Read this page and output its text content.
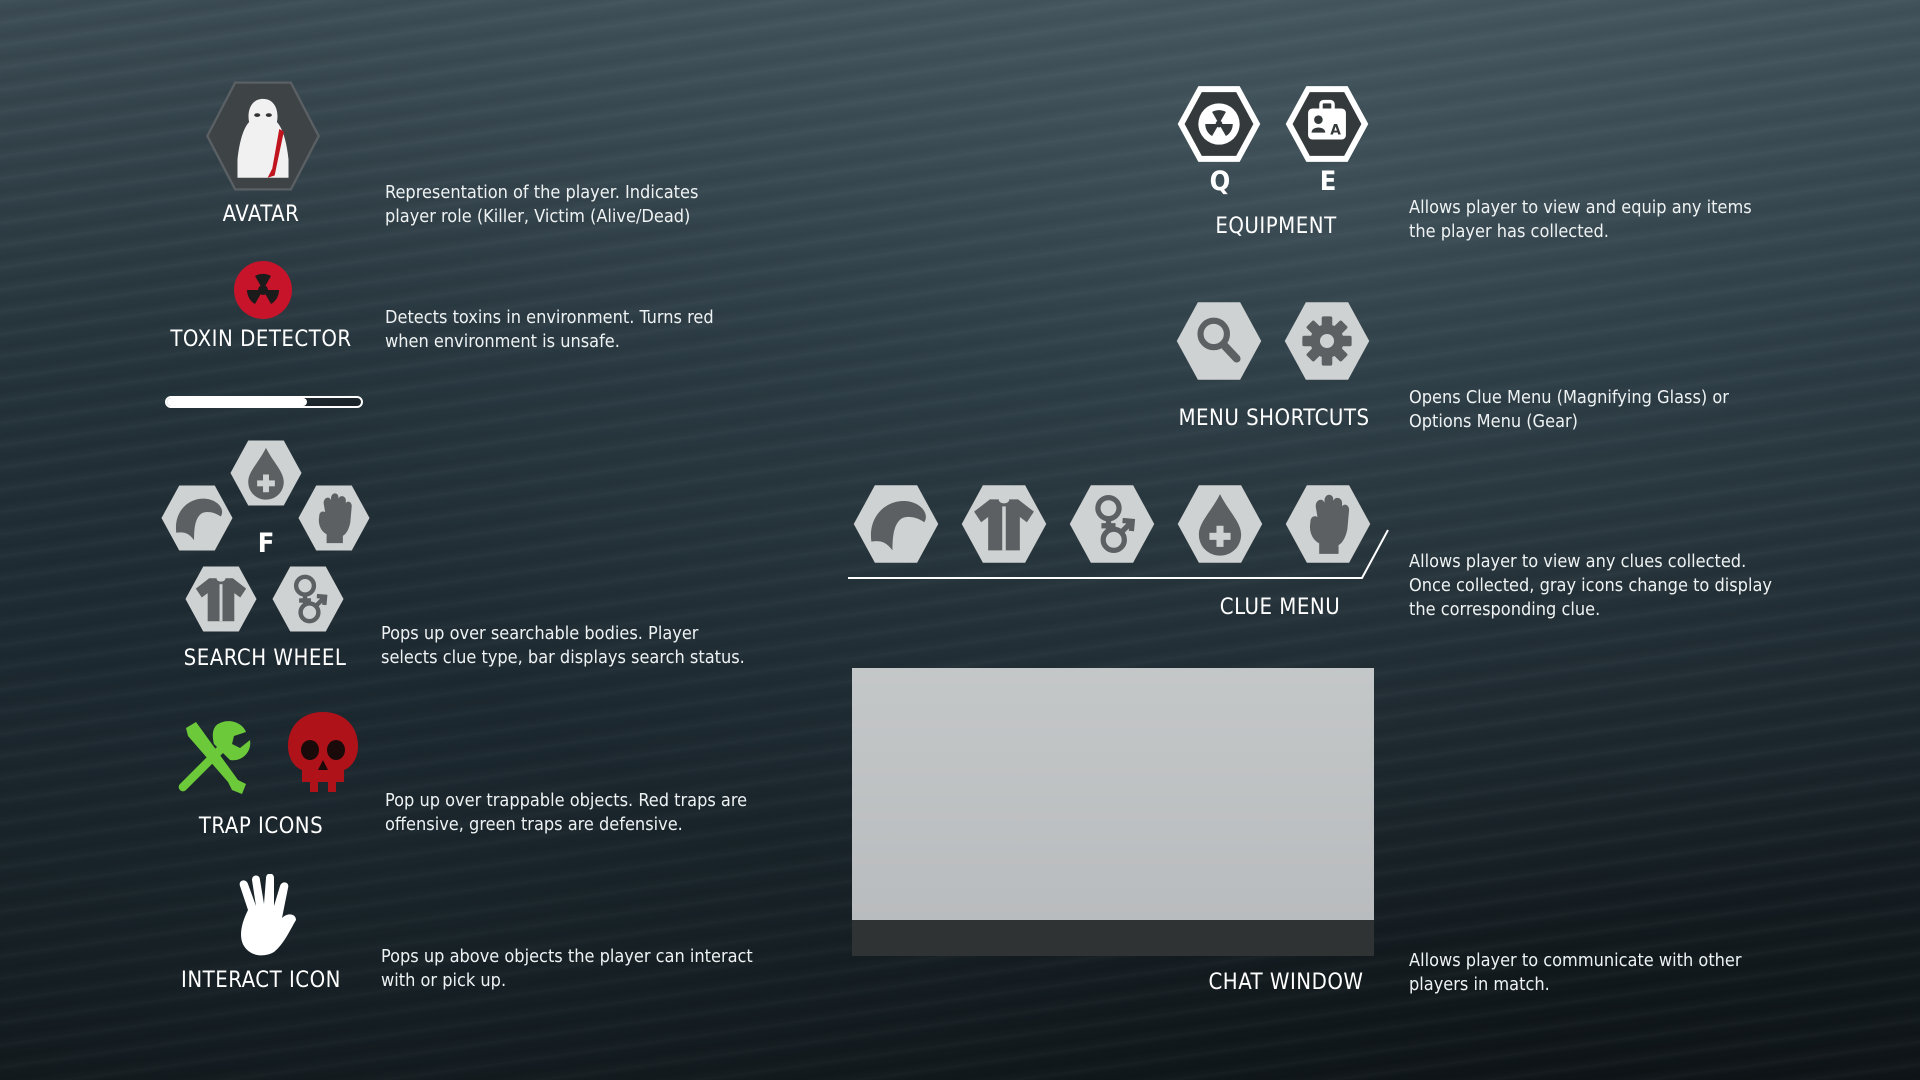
AVATAR
Representation of the player. Indicates
player role (Killer, Victim (Alive/Dead)
TOXIN DETECTOR
Detects toxins in environment. Turns red
when environment is unsafe.
F
SEARCH WHEEL
Pops up over searchable bodies. Player
selects clue type, bar displays search status.
TRAP ICONS
Pop up over trappable objects. Red traps are
offensive, green traps are defensive.
INTERACT ICON
Pops up above objects the player can interact
with or pick up.
A
Q	E
EQUIPMENT
Allows player to view and equip any items
the player has collected.
MENU SHORTCUTS
Opens Clue Menu (Magnifying Glass) or
Options Menu (Gear)
CLUE MENU
Allows player to view any clues collected.
Once collected, gray icons change to display
the corresponding clue.
CHAT WINDOW
Allows player to communicate with other
players in match.
